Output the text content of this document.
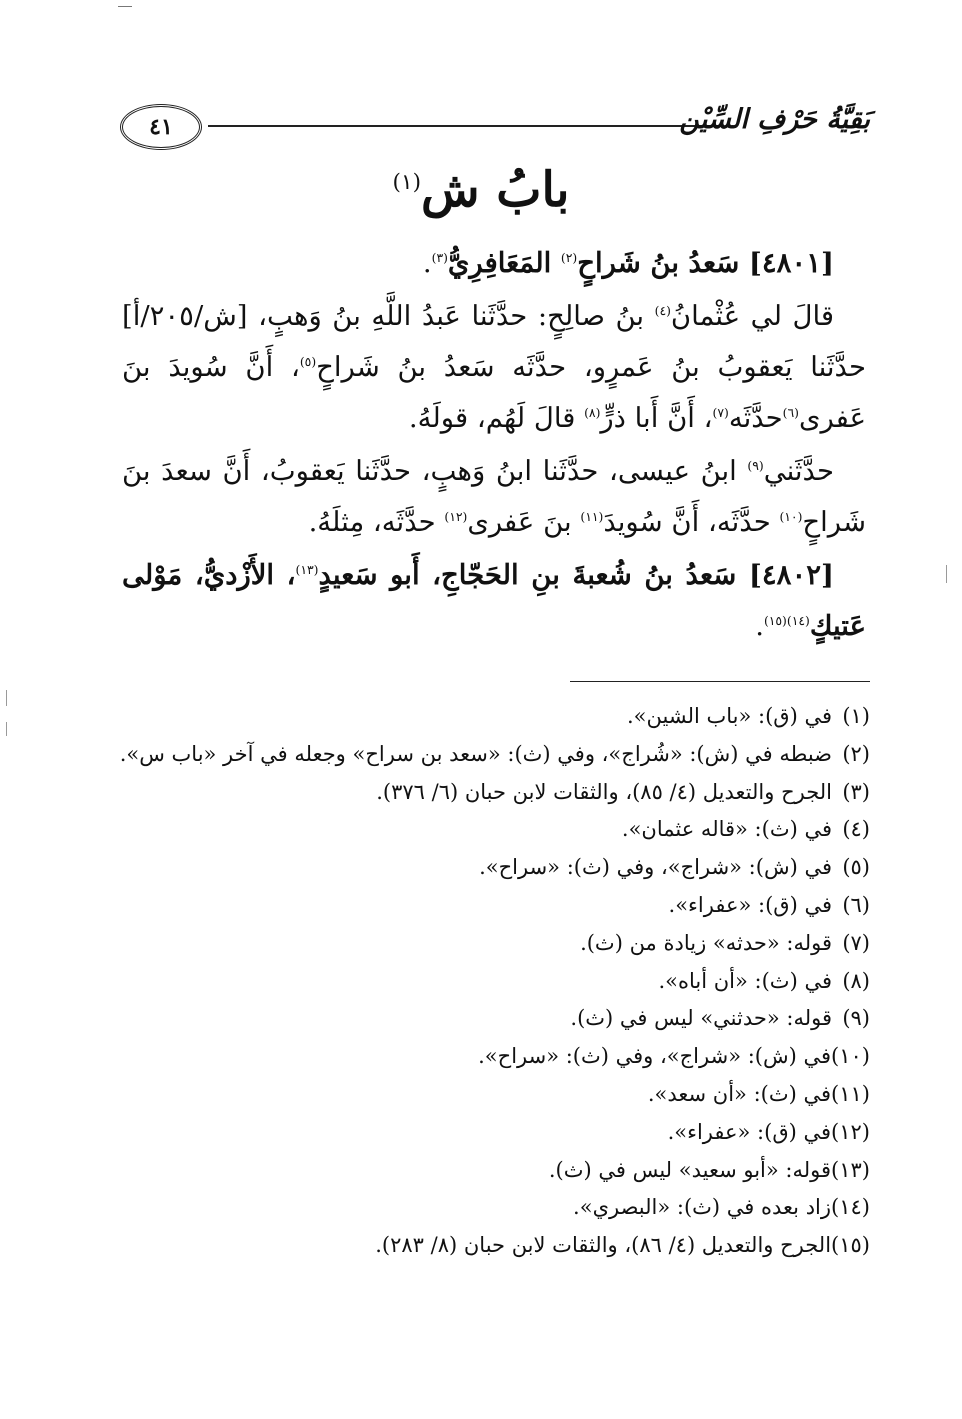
٤١	بَقِيَّةُ حَرْفِ السِّيْن
بابُ ش$^{(١)}$

[٤٨٠١] سَعدُ بنُ شَراحٍ$^{(٢)}$ المَعَافِرِيُّ$^{(٣)}$.

قالَ لي عُثْمانُ$^{(٤)}$ بنُ صالِحٍ: حدَّثَنا عَبدُ اللَّهِ بنُ وَهبٍ، [ش/٢٠٥/أ] حدَّثَنا يَعقوبُ بنُ عَمرٍو، حدَّثَه سَعدُ بنُ شَراحٍ$^{(٥)}$، أَنَّ سُويدَ بنَ عَفرى$^{(٦)}$حدَّثَه$^{(٧)}$، أَنَّ أَبا ذرٍّ$^{(٨)}$ قالَ لَهُم، قولَهُ.

حدَّثَني$^{(٩)}$ ابنُ عيسى، حدَّثَنا ابنُ وَهبٍ، حدَّثَنا يَعقوبُ، أَنَّ سعدَ بنَ شَراحٍ$^{(١٠)}$ حدَّثَه، أَنَّ سُويدَ$^{(١١)}$ بنَ عَفرى$^{(١٢)}$ حدَّثَه، مِثلَهُ.

[٤٨٠٢] سَعدُ بنُ شُعبةَ بنِ الحَجّاجِ، أَبو سَعيدٍ$^{(١٣)}$، الأَزْديُّ، مَوْلى عَتيكٍ$^{(١٤)(١٥)}$.

(١)
في (ق): «باب الشين».
(٢)
ضبطه في (ش): «شُراج»، وفي (ث): «سعد بن سراح» وجعله في آخر «باب س».
(٣)
الجرح والتعديل (٤/ ٨٥)، والثقات لابن حبان (٦/ ٣٧٦).
(٤)
في (ث): «قاله عثمان».
(٥)
في (ش): «شراج»، وفي (ث): «سراح».
(٦)
في (ق): «عفراء».
(٧)
قوله: «حدثه» زيادة من (ث).
(٨)
في (ث): «أن أباه».
(٩)
قوله: «حدثني» ليس في (ث).
(١٠)
في (ش): «شراج»، وفي (ث): «سراح».
(١١)
في (ث): «أن سعد».
(١٢)
في (ق): «عفراء».
(١٣)
قوله: «أبو سعيد» ليس في (ث).
(١٤)
زاد بعده في (ث): «البصري».
(١٥)
الجرح والتعديل (٤/ ٨٦)، والثقات لابن حبان (٨/ ٢٨٣).
